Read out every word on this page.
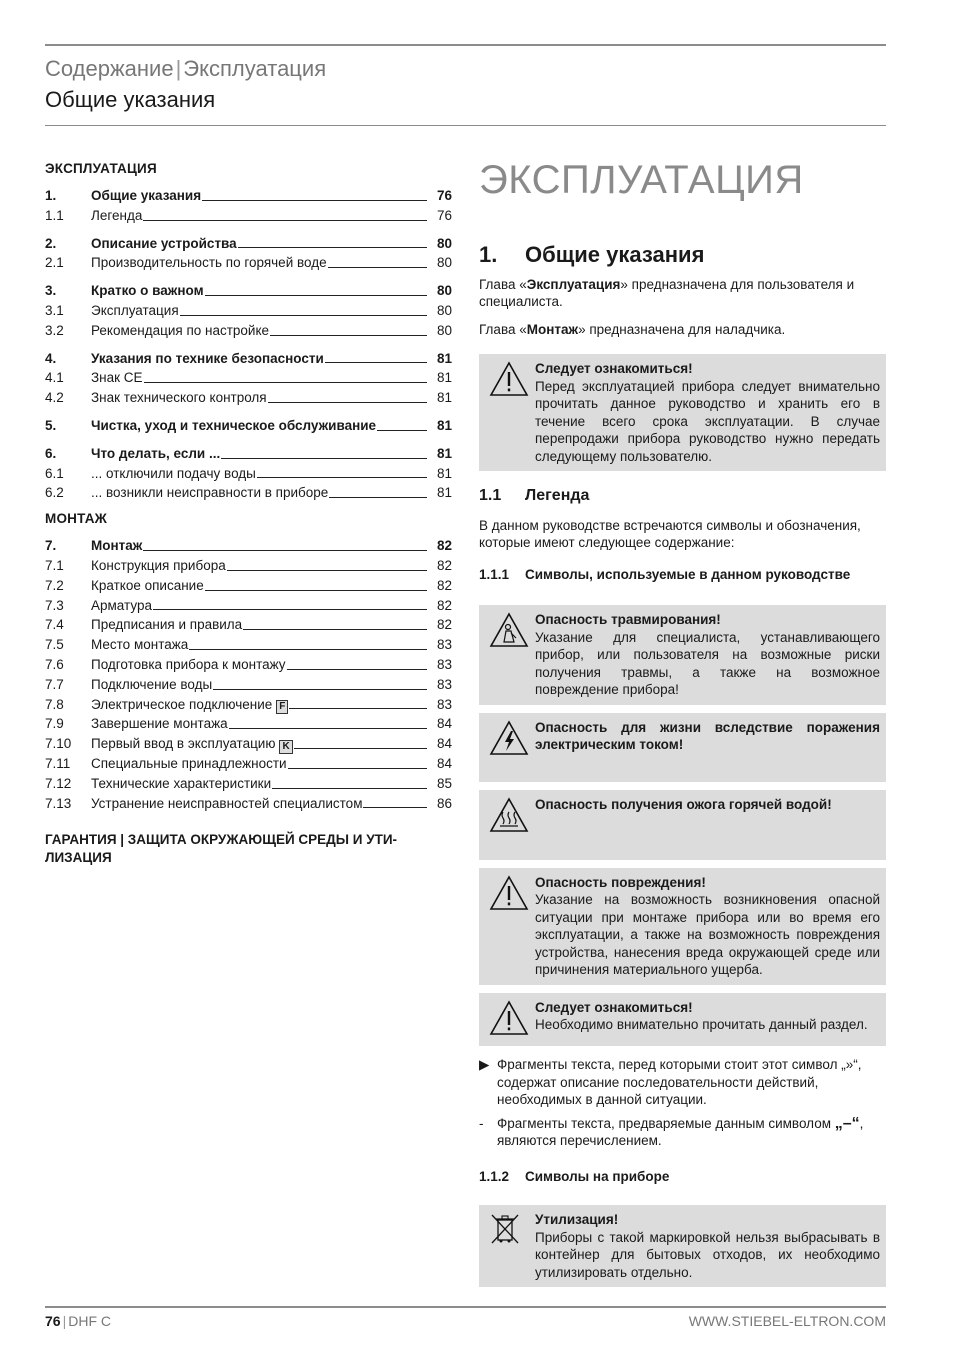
Содержание|Эксплуатация
Общие указания
ЭКСПЛУАТАЦИЯ
1.	Общие указания	76
1.1	Легенда	76
2.	Описание устройства	80
2.1	Производительность по горячей воде	80
3.	Кратко о важном	80
3.1	Эксплуатация	80
3.2	Рекомендация по настройке	80
4.	Указания по технике безопасности	81
4.1	Знак CE	81
4.2	Знак технического контроля	81
5.	Чистка, уход и техническое обслуживание	81
6.	Что делать, если ...	81
6.1	... отключили подачу воды	81
6.2	... возникли неисправности в приборе	81
МОНТАЖ
7.	Монтаж	82
7.1	Конструкция прибора	82
7.2	Краткое описание	82
7.3	Арматура	82
7.4	Предписания и правила	82
7.5	Место монтажа	83
7.6	Подготовка прибора к монтажу	83
7.7	Подключение воды	83
7.8	Электрическое подключение F	83
7.9	Завершение монтажа	84
7.10	Первый ввод в эксплуатацию K	84
7.11	Специальные принадлежности	84
7.12	Технические характеристики	85
7.13	Устранение неисправностей специалистом	86
ГАРАНТИЯ | ЗАЩИТА ОКРУЖАЮЩЕЙ СРЕДЫ И УТИ-ЛИЗАЦИЯ
ЭКСПЛУАТАЦИЯ
1.	Общие указания

Глава «Эксплуатация» предназначена для пользователя и специалиста.

Глава «Монтаж» предназначена для наладчика.

Следует ознакомиться!
Перед эксплуатацией прибора следует внимательно прочитать данное руководство и хранить его в течение всего срока эксплуатации. В случае перепродажи прибора руководство нужно передать следующему пользователю.
1.1	Легенда

В данном руководстве встречаются символы и обозначения, которые имеют следующее содержание:

1.1.1	Символы, используемые в данном руководстве
Опасность травмирования!
Указание для специалиста, устанавливающего прибор, или пользователя на возможные риски получения травмы, а также на возможное повреждение прибора!
Опасность для жизни вследствие поражения электрическим током!
Опасность получения ожога горячей водой!
Опасность повреждения!
Указание на возможность возникновения опасной ситуации при монтаже прибора или во время его эксплуатации, а также на возможность повреждения устройства, нанесения вреда окружающей среде или причинения материального ущерба.
Следует ознакомиться!
Необходимо внимательно прочитать данный раздел.
▶ Фрагменты текста, перед которыми стоит этот символ „»“, содержат описание последовательности действий, необходимых в данной ситуации.
-	Фрагменты текста, предваряемые данным символом „–“, являются перечислением.
1.1.2	Символы на приборе
Утилизация!
Приборы с такой маркировкой нельзя выбрасывать в контейнер для бытовых отходов, их необходимо утилизировать отдельно.
76 | DHF C	WWW.STIEBEL-ELTRON.COM
